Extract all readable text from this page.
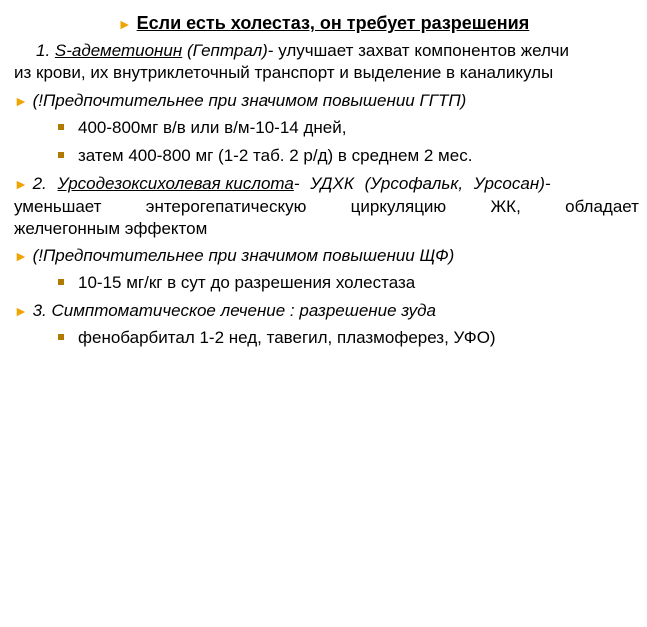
► Если есть холестаз, он требует разрешения
1. S-адеметионин (Гептрал)- улучшает захват компонентов желчи
из крови, их внутриклеточный транспорт и выделение в каналикулы
► (!Предпочтительнее при значимом повышении ГГТП)
400-800мг в/в или в/м-10-14 дней,
затем 400-800 мг (1-2 таб. 2 р/д) в среднем 2 мес.
► 2. Урсодезоксихолевая кислота- УДХК (Урсофальк, Урсосан)-
уменьшает	энтерогепатическую	циркуляцию	ЖК,	обладает
желчегонным эффектом
► (!Предпочтительнее при значимом повышении ЩФ)
10-15 мг/кг в сут до разрешения холестаза
► 3. Симптоматическое лечение : разрешение зуда
фенобарбитал 1-2 нед, тавегил, плазмоферез, УФО)
